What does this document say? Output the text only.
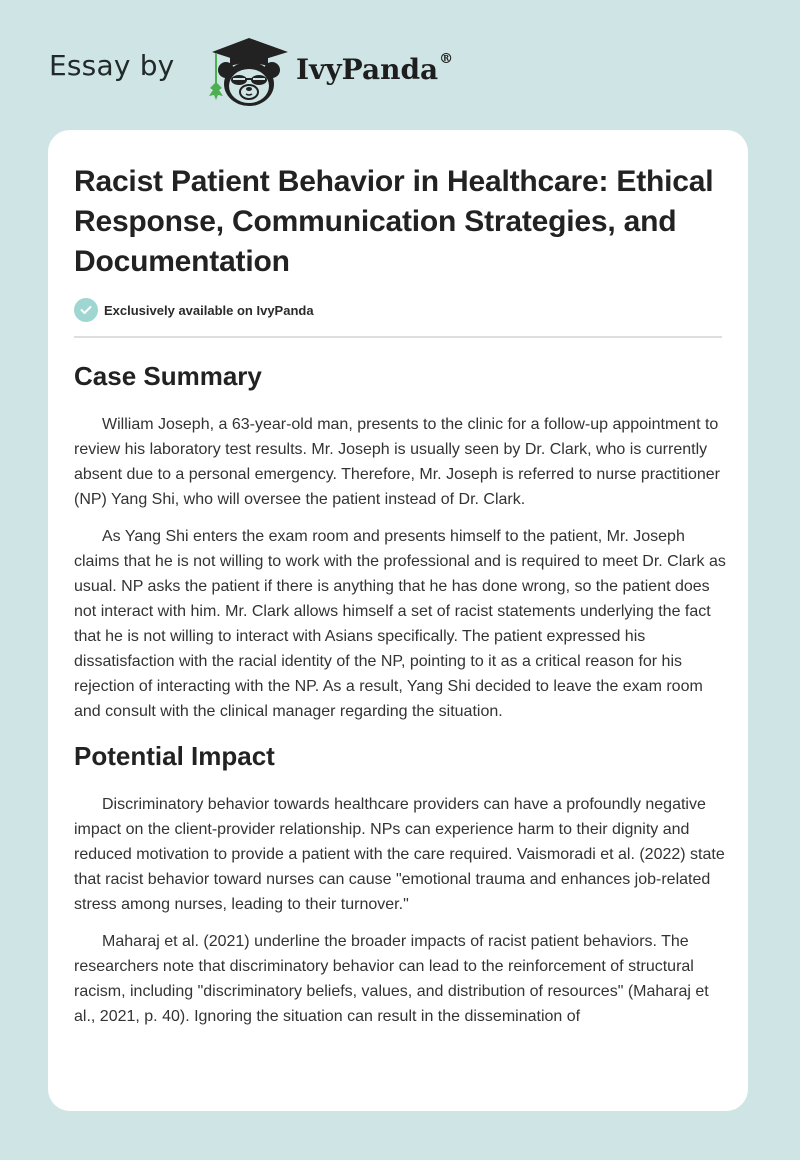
Essay by	IvyPanda®
Racist Patient Behavior in Healthcare: Ethical Response, Communication Strategies, and Documentation
Exclusively available on IvyPanda
Case Summary

William Joseph, a 63-year-old man, presents to the clinic for a follow-up appointment to review his laboratory test results. Mr. Joseph is usually seen by Dr. Clark, who is currently absent due to a personal emergency. Therefore, Mr. Joseph is referred to nurse practitioner (NP) Yang Shi, who will oversee the patient instead of Dr. Clark.

As Yang Shi enters the exam room and presents himself to the patient, Mr. Joseph claims that he is not willing to work with the professional and is required to meet Dr. Clark as usual. NP asks the patient if there is anything that he has done wrong, so the patient does not interact with him. Mr. Clark allows himself a set of racist statements underlying the fact that he is not willing to interact with Asians specifically. The patient expressed his dissatisfaction with the racial identity of the NP, pointing to it as a critical reason for his rejection of interacting with the NP. As a result, Yang Shi decided to leave the exam room and consult with the clinical manager regarding the situation.

Potential Impact

Discriminatory behavior towards healthcare providers can have a profoundly negative impact on the client-provider relationship. NPs can experience harm to their dignity and reduced motivation to provide a patient with the care required. Vaismoradi et al. (2022) state that racist behavior toward nurses can cause "emotional trauma and enhances job-related stress among nurses, leading to their turnover."

Maharaj et al. (2021) underline the broader impacts of racist patient behaviors. The researchers note that discriminatory behavior can lead to the reinforcement of structural racism, including "discriminatory beliefs, values, and distribution of resources" (Maharaj et al., 2021, p. 40). Ignoring the situation can result in the dissemination of
